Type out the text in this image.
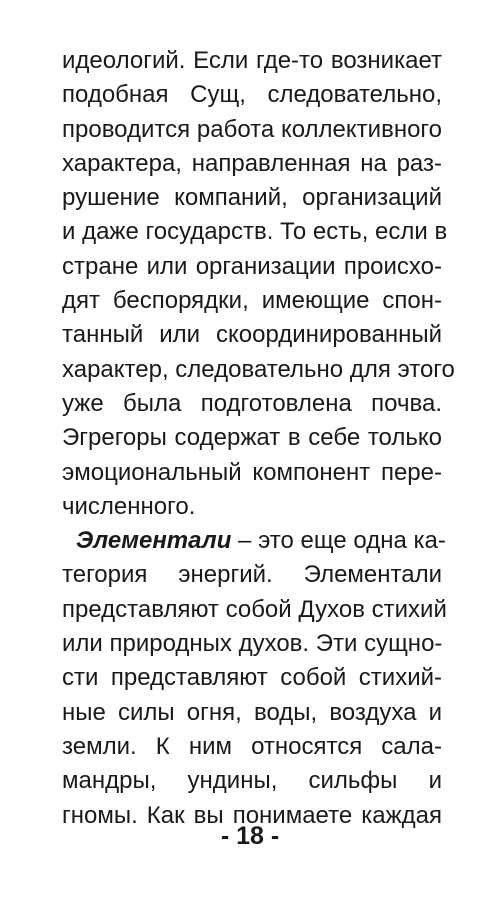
идеологий. Если где-то возникает
подобная Сущ, следовательно,
проводится работа коллективного
характера, направленная на раз-
рушение компаний, организаций
и даже государств. То есть, если в
стране или организации происхо-
дят беспорядки, имеющие спон-
танный или скоординированный
характер, следовательно для этого
уже была подготовлена почва.
Эгрегоры содержат в себе только
эмоциональный компонент пере-
численного.
Элементали – это еще одна ка-
тегория энергий. Элементали
представляют собой Духов стихий
или природных духов. Эти сущно-
сти представляют собой стихий-
ные силы огня, воды, воздуха и
земли. К ним относятся сала-
мандры, ундины, сильфы и
гномы. Как вы понимаете каждая
- 18 -
